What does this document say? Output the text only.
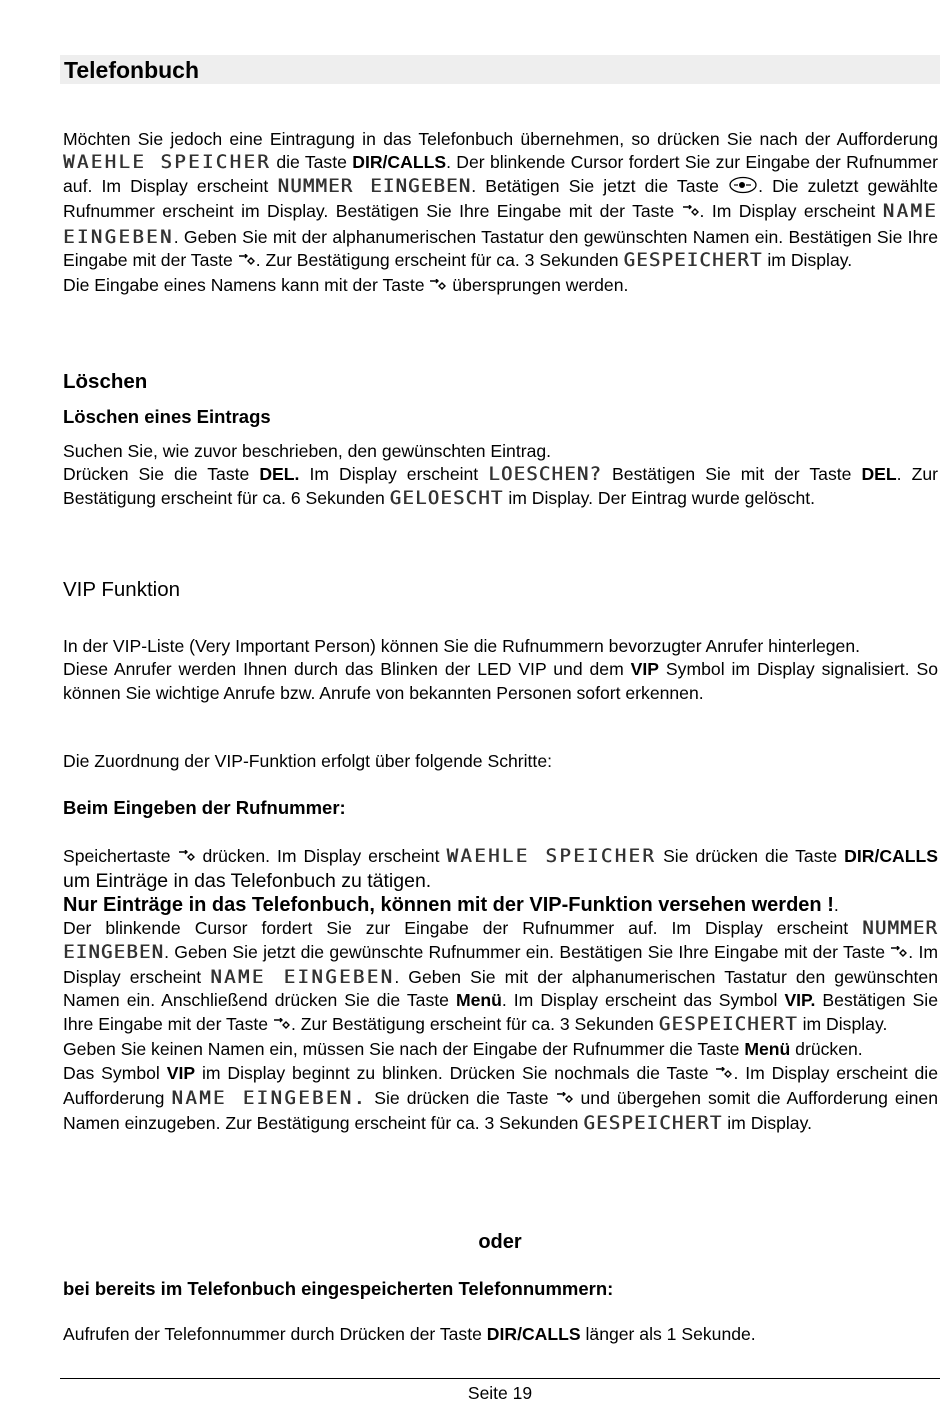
Telefonbuch
Möchten Sie jedoch eine Eintragung in das Telefonbuch übernehmen, so drücken Sie nach der Aufforderung WAEHLE SPEICHER die Taste DIR/CALLS. Der blinkende Cursor fordert Sie zur Eingabe der Rufnummer auf. Im Display erscheint NUMMER EINGEBEN. Betätigen Sie jetzt die Taste . Die zuletzt gewählte Rufnummer erscheint im Display. Bestätigen Sie Ihre Eingabe mit der Taste . Im Display erscheint NAME EINGEBEN. Geben Sie mit der alphanumerischen Tastatur den gewünschten Namen ein. Bestätigen Sie Ihre Eingabe mit der Taste . Zur Bestätigung erscheint für ca. 3 Sekunden GESPEICHERT im Display.
Die Eingabe eines Namens kann mit der Taste  übersprungen werden.
Löschen
Löschen eines Eintrags
Suchen Sie, wie zuvor beschrieben, den gewünschten Eintrag.
Drücken Sie die Taste DEL. Im Display erscheint LOESCHEN? Bestätigen Sie mit der Taste DEL. Zur Bestätigung erscheint für ca. 6 Sekunden GELOESCHT im Display. Der Eintrag wurde gelöscht.
VIP Funktion
In der VIP-Liste (Very Important Person) können Sie die Rufnummern bevorzugter Anrufer hinterlegen.
Diese Anrufer werden Ihnen durch das Blinken der LED VIP und dem VIP Symbol im Display signalisiert. So können Sie wichtige Anrufe bzw. Anrufe von bekannten Personen sofort erkennen.
Die Zuordnung der VIP-Funktion erfolgt über folgende Schritte:
Beim Eingeben der Rufnummer:
Speichertaste  drücken. Im Display erscheint WAEHLE SPEICHER Sie drücken die Taste DIR/CALLS um Einträge in das Telefonbuch zu tätigen.
Nur Einträge in das Telefonbuch, können mit der VIP-Funktion versehen werden !.
Der blinkende Cursor fordert Sie zur Eingabe der Rufnummer auf. Im Display erscheint NUMMER EINGEBEN. Geben Sie jetzt die gewünschte Rufnummer ein. Bestätigen Sie Ihre Eingabe mit der Taste . Im Display erscheint NAME EINGEBEN. Geben Sie mit der alphanumerischen Tastatur den gewünschten Namen ein. Anschließend drücken Sie die Taste Menü. Im Display erscheint das Symbol VIP. Bestätigen Sie Ihre Eingabe mit der Taste . Zur Bestätigung erscheint für ca. 3 Sekunden GESPEICHERT im Display.
Geben Sie keinen Namen ein, müssen Sie nach der Eingabe der Rufnummer die Taste Menü drücken.
Das Symbol VIP im Display beginnt zu blinken. Drücken Sie nochmals die Taste . Im Display erscheint die Aufforderung NAME EINGEBEN. Sie drücken die Taste  und übergehen somit die Aufforderung einen Namen einzugeben. Zur Bestätigung erscheint für ca. 3 Sekunden GESPEICHERT im Display.
oder
bei bereits im Telefonbuch eingespeicherten Telefonnummern:
Aufrufen der Telefonnummer durch Drücken der Taste DIR/CALLS länger als 1 Sekunde.
Seite 19
